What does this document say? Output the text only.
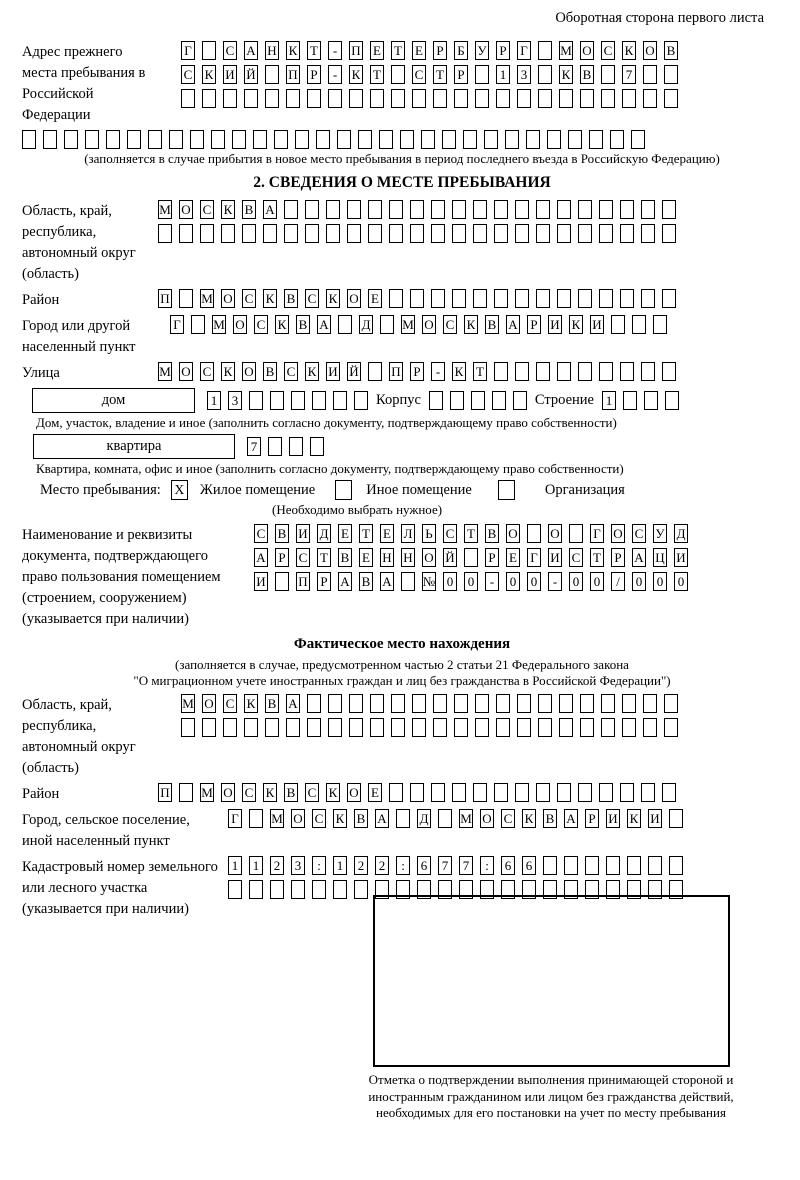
Оборотная сторона первого листа
Адрес прежнего места пребывания в Российской Федерации
Г	С А Н К Т	-	П Е Т Е Р Б У Р Г М О С К О В
С К И Й	П Р	-	К Т	С Т Р	1 3	К В	7
(заполняется в случае прибытия в новое место пребывания в период последнего въезда в Российскую Федерацию)
2. СВЕДЕНИЯ О МЕСТЕ ПРЕБЫВАНИЯ
Область, край, республика, автономный округ (область)
М О С К В А
Район	П М О С К В С К О Е
Город или другой населенный пункт
Г М О С К В А	Д М О С К В А Р И К И
Улица	М О С К О В С К И Й	П Р	-	К Т
дом	1 3	Корпус	Строение 1
Дом, участок, владение и иное (заполнить согласно документу, подтверждающему право собственности)
квартира	7
Квартира, комната, офис и иное (заполнить согласно документу, подтверждающему право собственности)
Место пребывания: X Жилое помещение	Иное помещение	Организация
(Необходимо выбрать нужное)
Наименование и реквизиты документа, подтверждающего право пользования помещением (строением, сооружением) (указывается при наличии)
С В И Д Е Т Е Л Ь С Т В О	О	Г О С У Д
А Р С Т В Е Н Н О Й	Р Е Г И С Т Р А Ц И
И	П Р А В А № 0 0	-	0 0	-	0 0	/	0 0 0
Фактическое место нахождения
(заполняется в случае, предусмотренном частью 2 статьи 21 Федерального закона
"О миграционном учете иностранных граждан и лиц без гражданства в Российской Федерации")
Область, край, республика, автономный округ (область)
М О С К В А
Район	П М О С К В С К О Е
Город, сельское поселение, иной населенный пункт
Г М О С К В А	Д М О С К В А Р И К И
Кадастровый номер земельного или лесного участка (указывается при наличии)
1 1 2 3	:	1 2 2	:	6 7 7	:	6 6
Отметка о подтверждении выполнения принимающей стороной и иностранным гражданином или лицом без гражданства действий, необходимых для его постановки на учет по месту пребывания
